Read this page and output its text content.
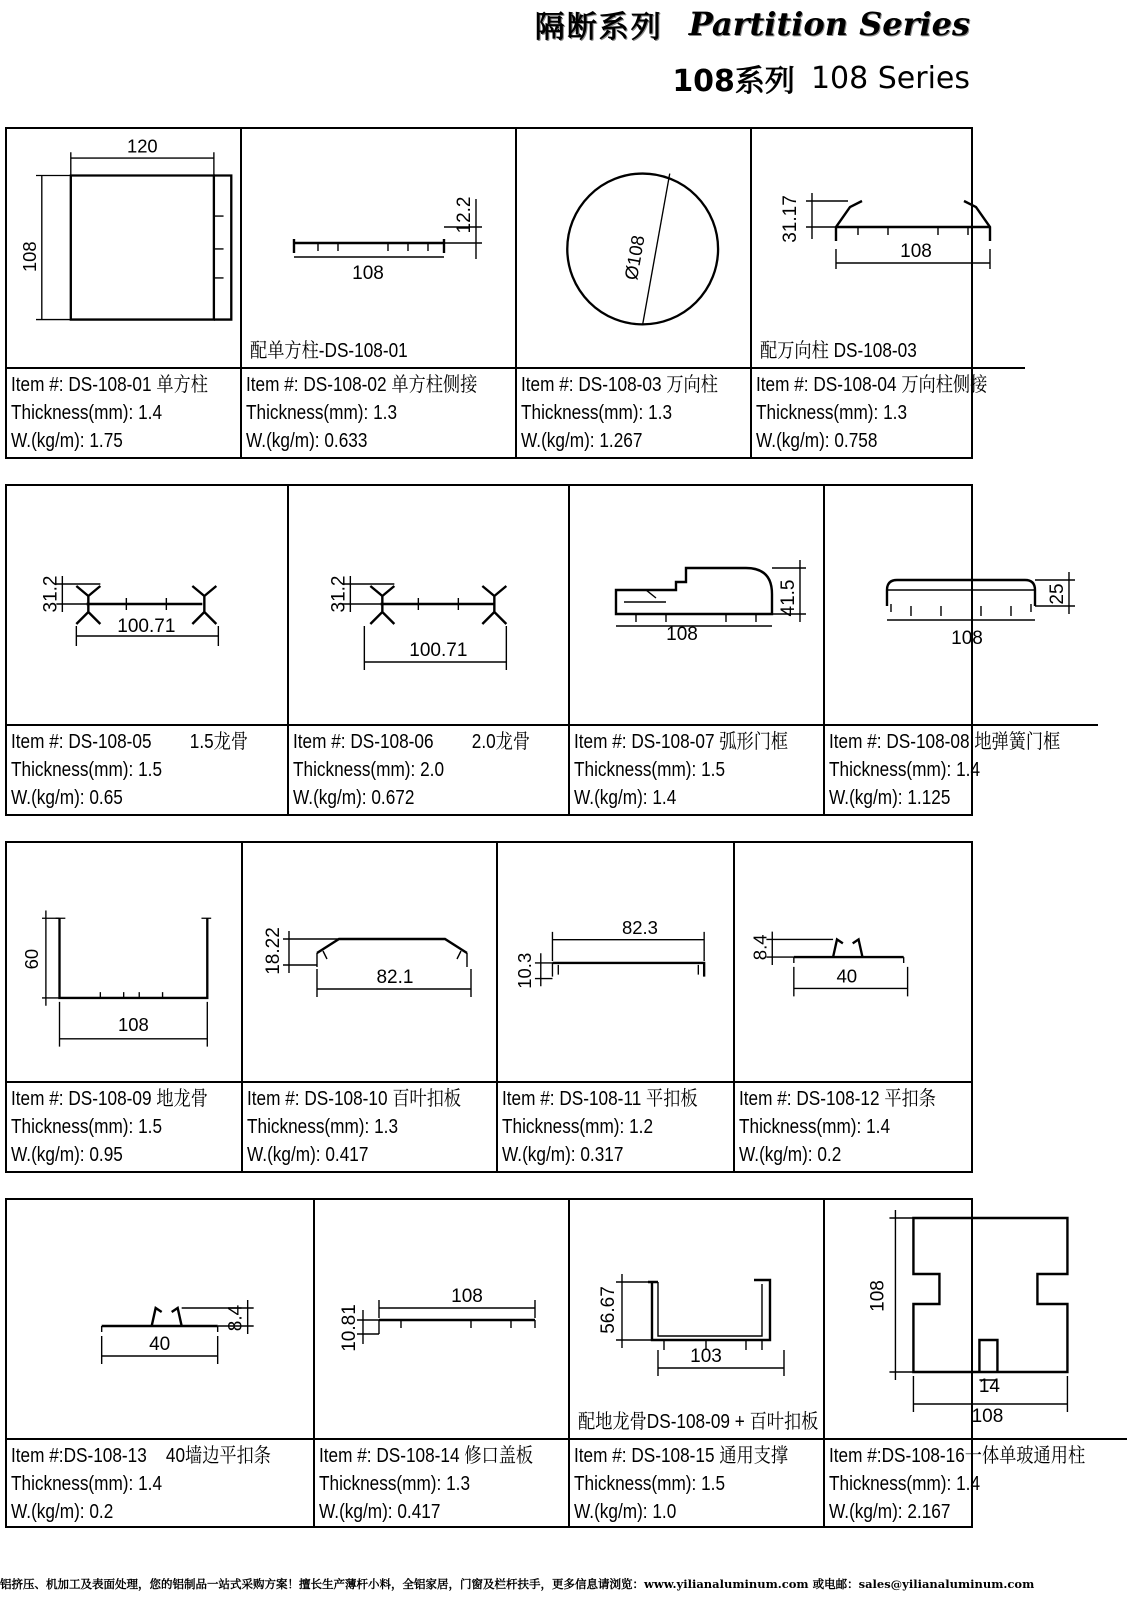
隔断系列 Partition Series
108系列 108 Series
120
108
Item #: DS-108-01 单方柱
Thickness(mm): 1.4
W.(kg/m): 1.75
108
12.2
配单方柱-DS-108-01
Item #: DS-108-02 单方柱侧接
Thickness(mm): 1.3
W.(kg/m): 0.633
Ø108
Item #: DS-108-03 万向柱
Thickness(mm): 1.3
W.(kg/m): 1.267
108
31.17
配万向柱 DS-108-03
Item #: DS-108-04 万向柱侧接
Thickness(mm): 1.3
W.(kg/m): 0.758
100.71
31.2
Item #: DS-108-05 1.5龙骨
Thickness(mm): 1.5
W.(kg/m): 0.65
100.71
31.2
Item #: DS-108-06 2.0龙骨
Thickness(mm): 2.0
W.(kg/m): 0.672
108
41.5
Item #: DS-108-07 弧形门框
Thickness(mm): 1.5
W.(kg/m): 1.4
108
25
Item #: DS-108-08 地弹簧门框
Thickness(mm): 1.4
W.(kg/m): 1.125
108
60
Item #: DS-108-09 地龙骨
Thickness(mm): 1.5
W.(kg/m): 0.95
82.1
18.22
Item #: DS-108-10 百叶扣板
Thickness(mm): 1.3
W.(kg/m): 0.417
82.3
10.3
Item #: DS-108-11 平扣板
Thickness(mm): 1.2
W.(kg/m): 0.317
40
8.4
Item #: DS-108-12 平扣条
Thickness(mm): 1.4
W.(kg/m): 0.2
40
8.4
Item #:DS-108-13 40墙边平扣条
Thickness(mm): 1.4
W.(kg/m): 0.2
108
10.81
Item #: DS-108-14 修口盖板
Thickness(mm): 1.3
W.(kg/m): 0.417
103
56.67
配地龙骨DS-108-09 + 百叶扣板
Item #: DS-108-15 通用支撑
Thickness(mm): 1.5
W.(kg/m): 1.0
14
108
108
Item #:DS-108-16一体单玻通用柱
Thickness(mm): 1.4
W.(kg/m): 2.167
铝挤压、机加工及表面处理，您的铝制品一站式采购方案！擅长生产薄杆小料，全铝家居，门窗及栏杆扶手，更多信息请浏览：www.yilianaluminum.com 或电邮：sales@yilianaluminum.com
